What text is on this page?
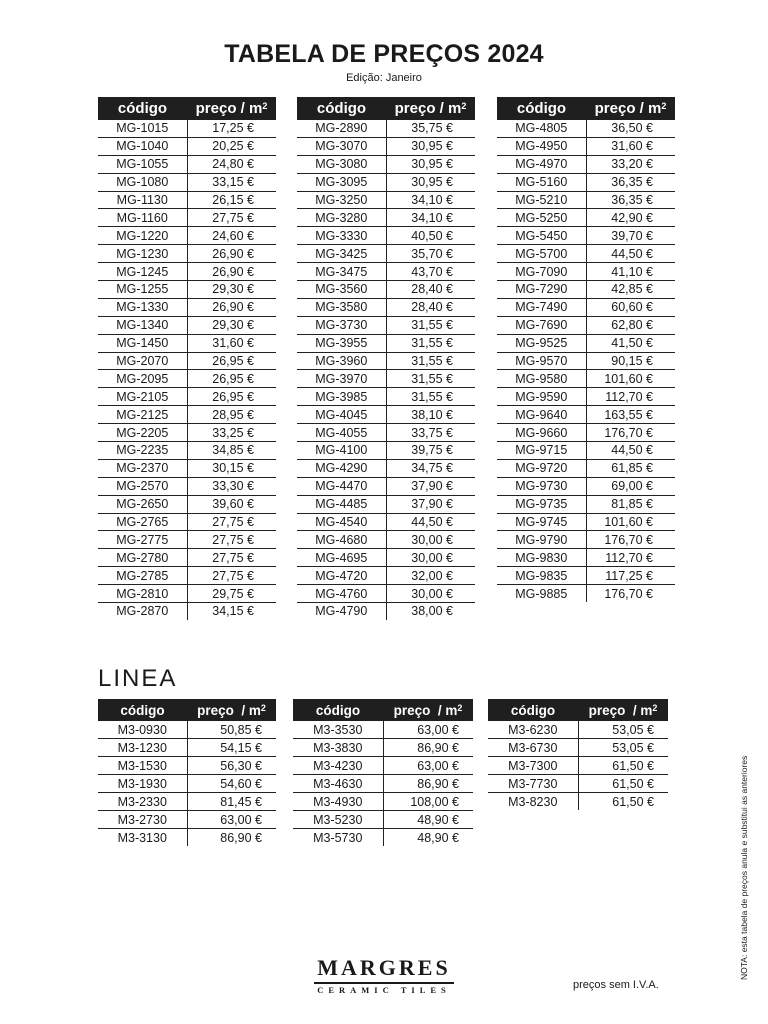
TABELA DE PREÇOS 2024
Edição: Janeiro
código	preço / $m^2$
MG-1015	17,25 €
MG-1040	20,25 €
MG-1055	24,80 €
MG-1080	33,15 €
MG-1130	26,15 €
MG-1160	27,75 €
MG-1220	24,60 €
MG-1230	26,90 €
MG-1245	26,90 €
MG-1255	29,30 €
MG-1330	26,90 €
MG-1340	29,30 €
MG-1450	31,60 €
MG-2070	26,95 €
MG-2095	26,95 €
MG-2105	26,95 €
MG-2125	28,95 €
MG-2205	33,25 €
MG-2235	34,85 €
MG-2370	30,15 €
MG-2570	33,30 €
MG-2650	39,60 €
MG-2765	27,75 €
MG-2775	27,75 €
MG-2780	27,75 €
MG-2785	27,75 €
MG-2810	29,75 €
MG-2870	34,15 €
código	preço / $m^2$
MG-2890	35,75 €
MG-3070	30,95 €
MG-3080	30,95 €
MG-3095	30,95 €
MG-3250	34,10 €
MG-3280	34,10 €
MG-3330	40,50 €
MG-3425	35,70 €
MG-3475	43,70 €
MG-3560	28,40 €
MG-3580	28,40 €
MG-3730	31,55 €
MG-3955	31,55 €
MG-3960	31,55 €
MG-3970	31,55 €
MG-3985	31,55 €
MG-4045	38,10 €
MG-4055	33,75 €
MG-4100	39,75 €
MG-4290	34,75 €
MG-4470	37,90 €
MG-4485	37,90 €
MG-4540	44,50 €
MG-4680	30,00 €
MG-4695	30,00 €
MG-4720	32,00 €
MG-4760	30,00 €
MG-4790	38,00 €
código	preço / $m^2$
MG-4805	36,50 €
MG-4950	31,60 €
MG-4970	33,20 €
MG-5160	36,35 €
MG-5210	36,35 €
MG-5250	42,90 €
MG-5450	39,70 €
MG-5700	44,50 €
MG-7090	41,10 €
MG-7290	42,85 €
MG-7490	60,60 €
MG-7690	62,80 €
MG-9525	41,50 €
MG-9570	90,15 €
MG-9580	101,60 €
MG-9590	112,70 €
MG-9640	163,55 €
MG-9660	176,70 €
MG-9715	44,50 €
MG-9720	61,85 €
MG-9730	69,00 €
MG-9735	81,85 €
MG-9745	101,60 €
MG-9790	176,70 €
MG-9830	112,70 €
MG-9835	117,25 €
MG-9885	176,70 €
LINEA
código	preço  / $m^2$
M3-0930	50,85 €
M3-1230	54,15 €
M3-1530	56,30 €
M3-1930	54,60 €
M3-2330	81,45 €
M3-2730	63,00 €
M3-3130	86,90 €
código	preço  / $m^2$
M3-3530	63,00 €
M3-3830	86,90 €
M3-4230	63,00 €
M3-4630	86,90 €
M3-4930	108,00 €
M3-5230	48,90 €
M3-5730	48,90 €
código	preço  / $m^2$
M3-6230	53,05 €
M3-6730	53,05 €
M3-7300	61,50 €
M3-7730	61,50 €
M3-8230	61,50 €
MARGRES
CERAMIC TILES	preços sem I.V.A.
NOTA: esta tabela de preços anula e substitui as anteriores
